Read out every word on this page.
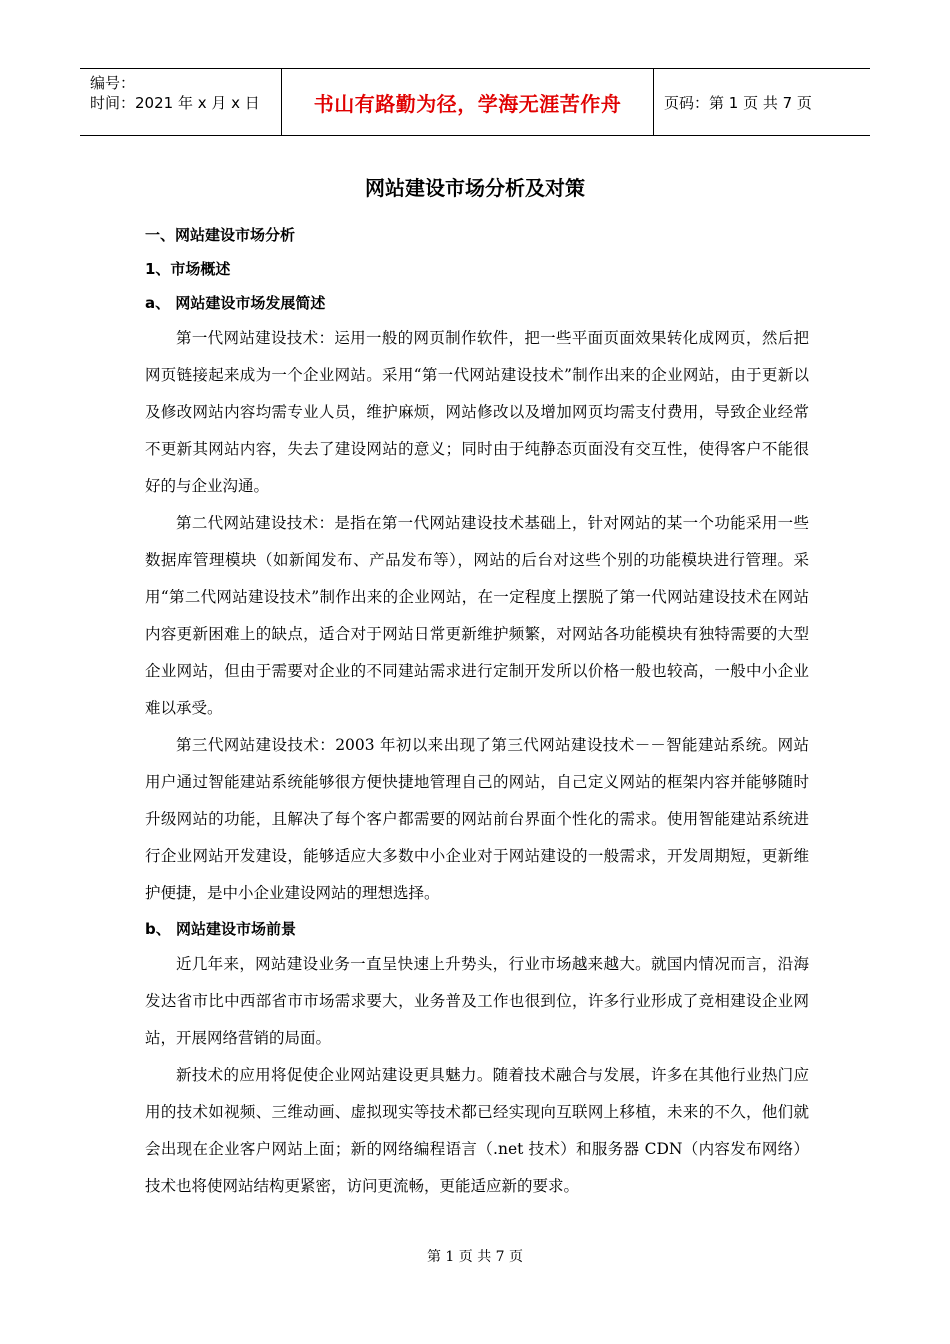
编号：
时间：2021 年 x 月 x 日	书山有路勤为径，学海无涯苦作舟	页码：第 1 页 共 7 页
网站建设市场分析及对策

一、网站建设市场分析

1、市场概述

a、 网站建设市场发展简述

第一代网站建设技术：运用一般的网页制作软件，把一些平面页面效果转化成网页，然后把网页链接起来成为一个企业网站。采用“第一代网站建设技术”制作出来的企业网站，由于更新以及修改网站内容均需专业人员，维护麻烦，网站修改以及增加网页均需支付费用，导致企业经常不更新其网站内容，失去了建设网站的意义；同时由于纯静态页面没有交互性，使得客户不能很好的与企业沟通。

第二代网站建设技术：是指在第一代网站建设技术基础上，针对网站的某一个功能采用一些数据库管理模块（如新闻发布、产品发布等），网站的后台对这些个别的功能模块进行管理。采用“第二代网站建设技术”制作出来的企业网站，在一定程度上摆脱了第一代网站建设技术在网站内容更新困难上的缺点，适合对于网站日常更新维护频繁，对网站各功能模块有独特需要的大型企业网站，但由于需要对企业的不同建站需求进行定制开发所以价格一般也较高，一般中小企业难以承受。

第三代网站建设技术：2003 年初以来出现了第三代网站建设技术－－智能建站系统。网站用户通过智能建站系统能够很方便快捷地管理自己的网站，自己定义网站的框架内容并能够随时升级网站的功能，且解决了每个客户都需要的网站前台界面个性化的需求。使用智能建站系统进行企业网站开发建设，能够适应大多数中小企业对于网站建设的一般需求，开发周期短，更新维护便捷，是中小企业建设网站的理想选择。

b、 网站建设市场前景

近几年来，网站建设业务一直呈快速上升势头，行业市场越来越大。就国内情况而言，沿海发达省市比中西部省市市场需求要大，业务普及工作也很到位，许多行业形成了竞相建设企业网站，开展网络营销的局面。

新技术的应用将促使企业网站建设更具魅力。随着技术融合与发展，许多在其他行业热门应用的技术如视频、三维动画、虚拟现实等技术都已经实现向互联网上移植，未来的不久，他们就会出现在企业客户网站上面；新的网络编程语言（.net 技术）和服务器 CDN（内容发布网络）技术也将使网站结构更紧密，访问更流畅，更能适应新的要求。

第 1 页 共 7 页
